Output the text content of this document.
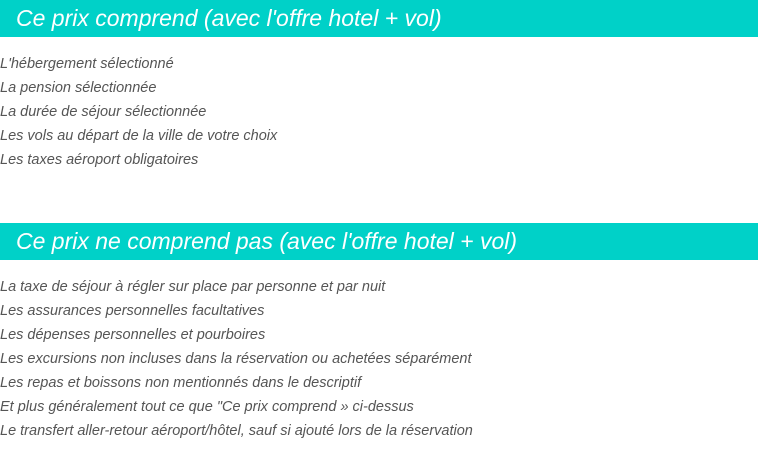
Ce prix comprend (avec l'offre hotel + vol)
L'hébergement sélectionné
La pension sélectionnée
La durée de séjour sélectionnée
Les vols au départ de la ville de votre choix
Les taxes aéroport obligatoires
Ce prix ne comprend pas (avec l'offre hotel + vol)
La taxe de séjour à régler sur place par personne et par nuit
Les assurances personnelles facultatives
Les dépenses personnelles et pourboires
Les excursions non incluses dans la réservation ou achetées séparément
Les repas et boissons non mentionnés dans le descriptif
Et plus généralement tout ce que "Ce prix comprend » ci-dessus
Le transfert aller-retour aéroport/hôtel, sauf si ajouté lors de la réservation
